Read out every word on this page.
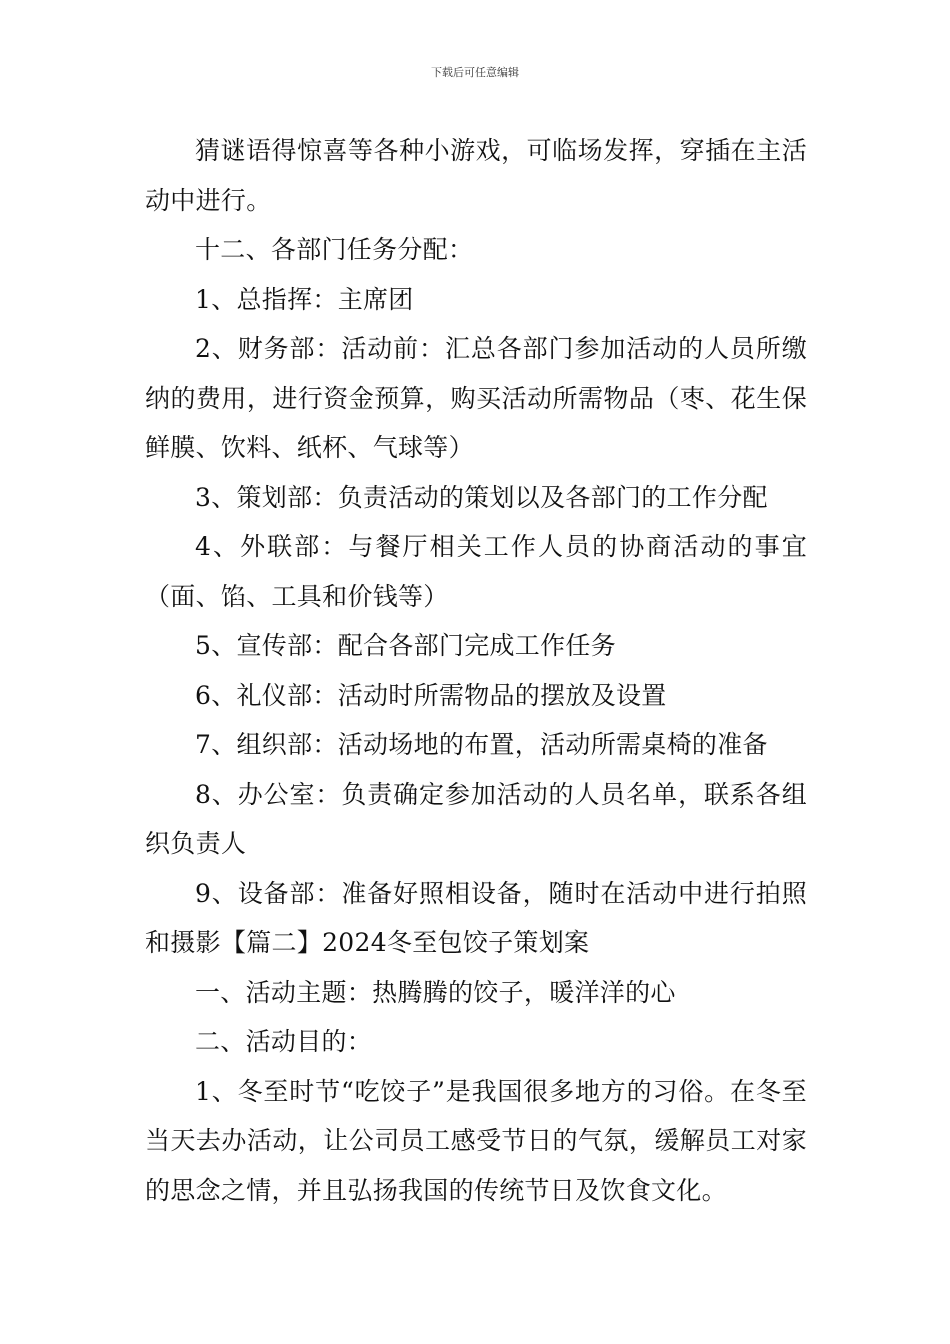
下载后可任意编辑

猜谜语得惊喜等各种小游戏，可临场发挥，穿插在主活动中进行。

十二、各部门任务分配：

1、总指挥：主席团

2、财务部：活动前：汇总各部门参加活动的人员所缴纳的费用，进行资金预算，购买活动所需物品（枣、花生保鲜膜、饮料、纸杯、气球等）

3、策划部：负责活动的策划以及各部门的工作分配

4、外联部：与餐厅相关工作人员的协商活动的事宜（面、馅、工具和价钱等）

5、宣传部：配合各部门完成工作任务

6、礼仪部：活动时所需物品的摆放及设置

7、组织部：活动场地的布置，活动所需桌椅的准备

8、办公室：负责确定参加活动的人员名单，联系各组织负责人

9、设备部：准备好照相设备，随时在活动中进行拍照和摄影【篇二】2024冬至包饺子策划案

一、活动主题：热腾腾的饺子，暖洋洋的心

二、活动目的：

1、冬至时节“吃饺子”是我国很多地方的习俗。在冬至当天去办活动，让公司员工感受节日的气氛，缓解员工对家的思念之情，并且弘扬我国的传统节日及饮食文化。
